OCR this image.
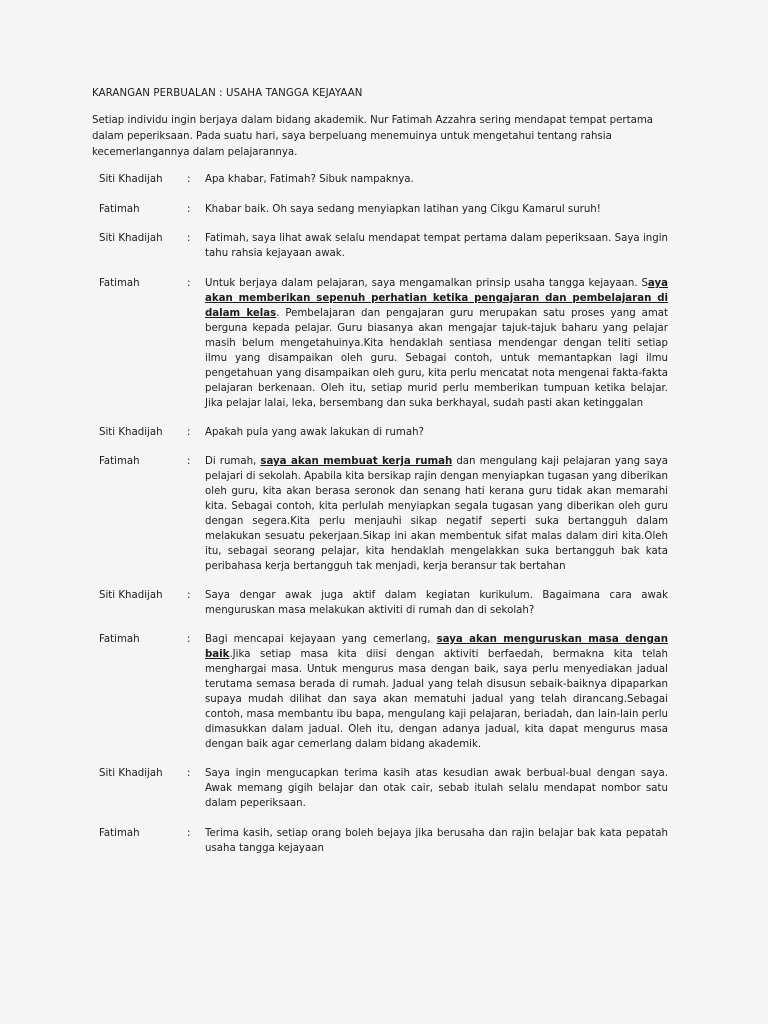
KARANGAN PERBUALAN : USAHA TANGGA KEJAYAAN
Setiap individu ingin berjaya dalam bidang akademik. Nur Fatimah Azzahra sering mendapat tempat pertama dalam peperiksaan. Pada suatu hari, saya berpeluang menemuinya untuk mengetahui tentang rahsia kecemerlangannya dalam pelajarannya.
Siti Khadijah : Apa khabar, Fatimah? Sibuk nampaknya.
Fatimah	: Khabar baik. Oh saya sedang menyiapkan latihan yang Cikgu Kamarul suruh!
Siti Khadijah : Fatimah, saya lihat awak selalu mendapat tempat pertama dalam peperiksaan. Saya ingin tahu rahsia kejayaan awak.
Fatimah	: Untuk berjaya dalam pelajaran, saya mengamalkan prinsip usaha tangga kejayaan. Saya akan memberikan sepenuh perhatian ketika pengajaran dan pembelajaran di dalam kelas. Pembelajaran dan pengajaran guru merupakan satu proses yang amat berguna kepada pelajar. Guru biasanya akan mengajar tajuk-tajuk baharu yang pelajar masih belum mengetahuinya.Kita hendaklah sentiasa mendengar dengan teliti setiap ilmu yang disampaikan oleh guru. Sebagai contoh, untuk memantapkan lagi ilmu pengetahuan yang disampaikan oleh guru, kita perlu mencatat nota mengenai fakta-fakta pelajaran berkenaan. Oleh itu, setiap murid perlu memberikan tumpuan ketika belajar. Jika pelajar lalai, leka, bersembang dan suka berkhayal, sudah pasti akan ketinggalan
Siti Khadijah : Apakah pula yang awak lakukan di rumah?
Fatimah	: Di rumah, saya akan membuat kerja rumah dan mengulang kaji pelajaran yang saya pelajari di sekolah. Apabila kita bersikap rajin dengan menyiapkan tugasan yang diberikan oleh guru, kita akan berasa seronok dan senang hati kerana guru tidak akan memarahi kita. Sebagai contoh, kita perlulah menyiapkan segala tugasan yang diberikan oleh guru dengan segera.Kita perlu menjauhi sikap negatif seperti suka bertangguh dalam melakukan sesuatu pekerjaan.Sikap ini akan membentuk sifat malas dalam diri kita.Oleh itu, sebagai seorang pelajar, kita hendaklah mengelakkan suka bertangguh bak kata peribahasa kerja bertangguh tak menjadi, kerja beransur tak bertahan
Siti Khadijah : Saya dengar awak juga aktif dalam kegiatan kurikulum. Bagaimana cara awak menguruskan masa melakukan aktiviti di rumah dan di sekolah?
Fatimah	: Bagi mencapai kejayaan yang cemerlang, saya akan menguruskan masa dengan baik.Jika setiap masa kita diisi dengan aktiviti berfaedah, bermakna kita telah menghargai masa. Untuk mengurus masa dengan baik, saya perlu menyediakan jadual terutama semasa berada di rumah. Jadual yang telah disusun sebaik-baiknya dipaparkan supaya mudah dilihat dan saya akan mematuhi jadual yang telah dirancang.Sebagai contoh, masa membantu ibu bapa, mengulang kaji pelajaran, beriadah, dan lain-lain perlu dimasukkan dalam jadual. Oleh itu, dengan adanya jadual, kita dapat mengurus masa dengan baik agar cemerlang dalam bidang akademik.
Siti Khadijah : Saya ingin mengucapkan terima kasih atas kesudian awak berbual-bual dengan saya. Awak memang gigih belajar dan otak cair, sebab itulah selalu mendapat nombor satu dalam peperiksaan.
Fatimah	: Terima kasih, setiap orang boleh bejaya jika berusaha dan rajin belajar bak kata pepatah usaha tangga kejayaan
